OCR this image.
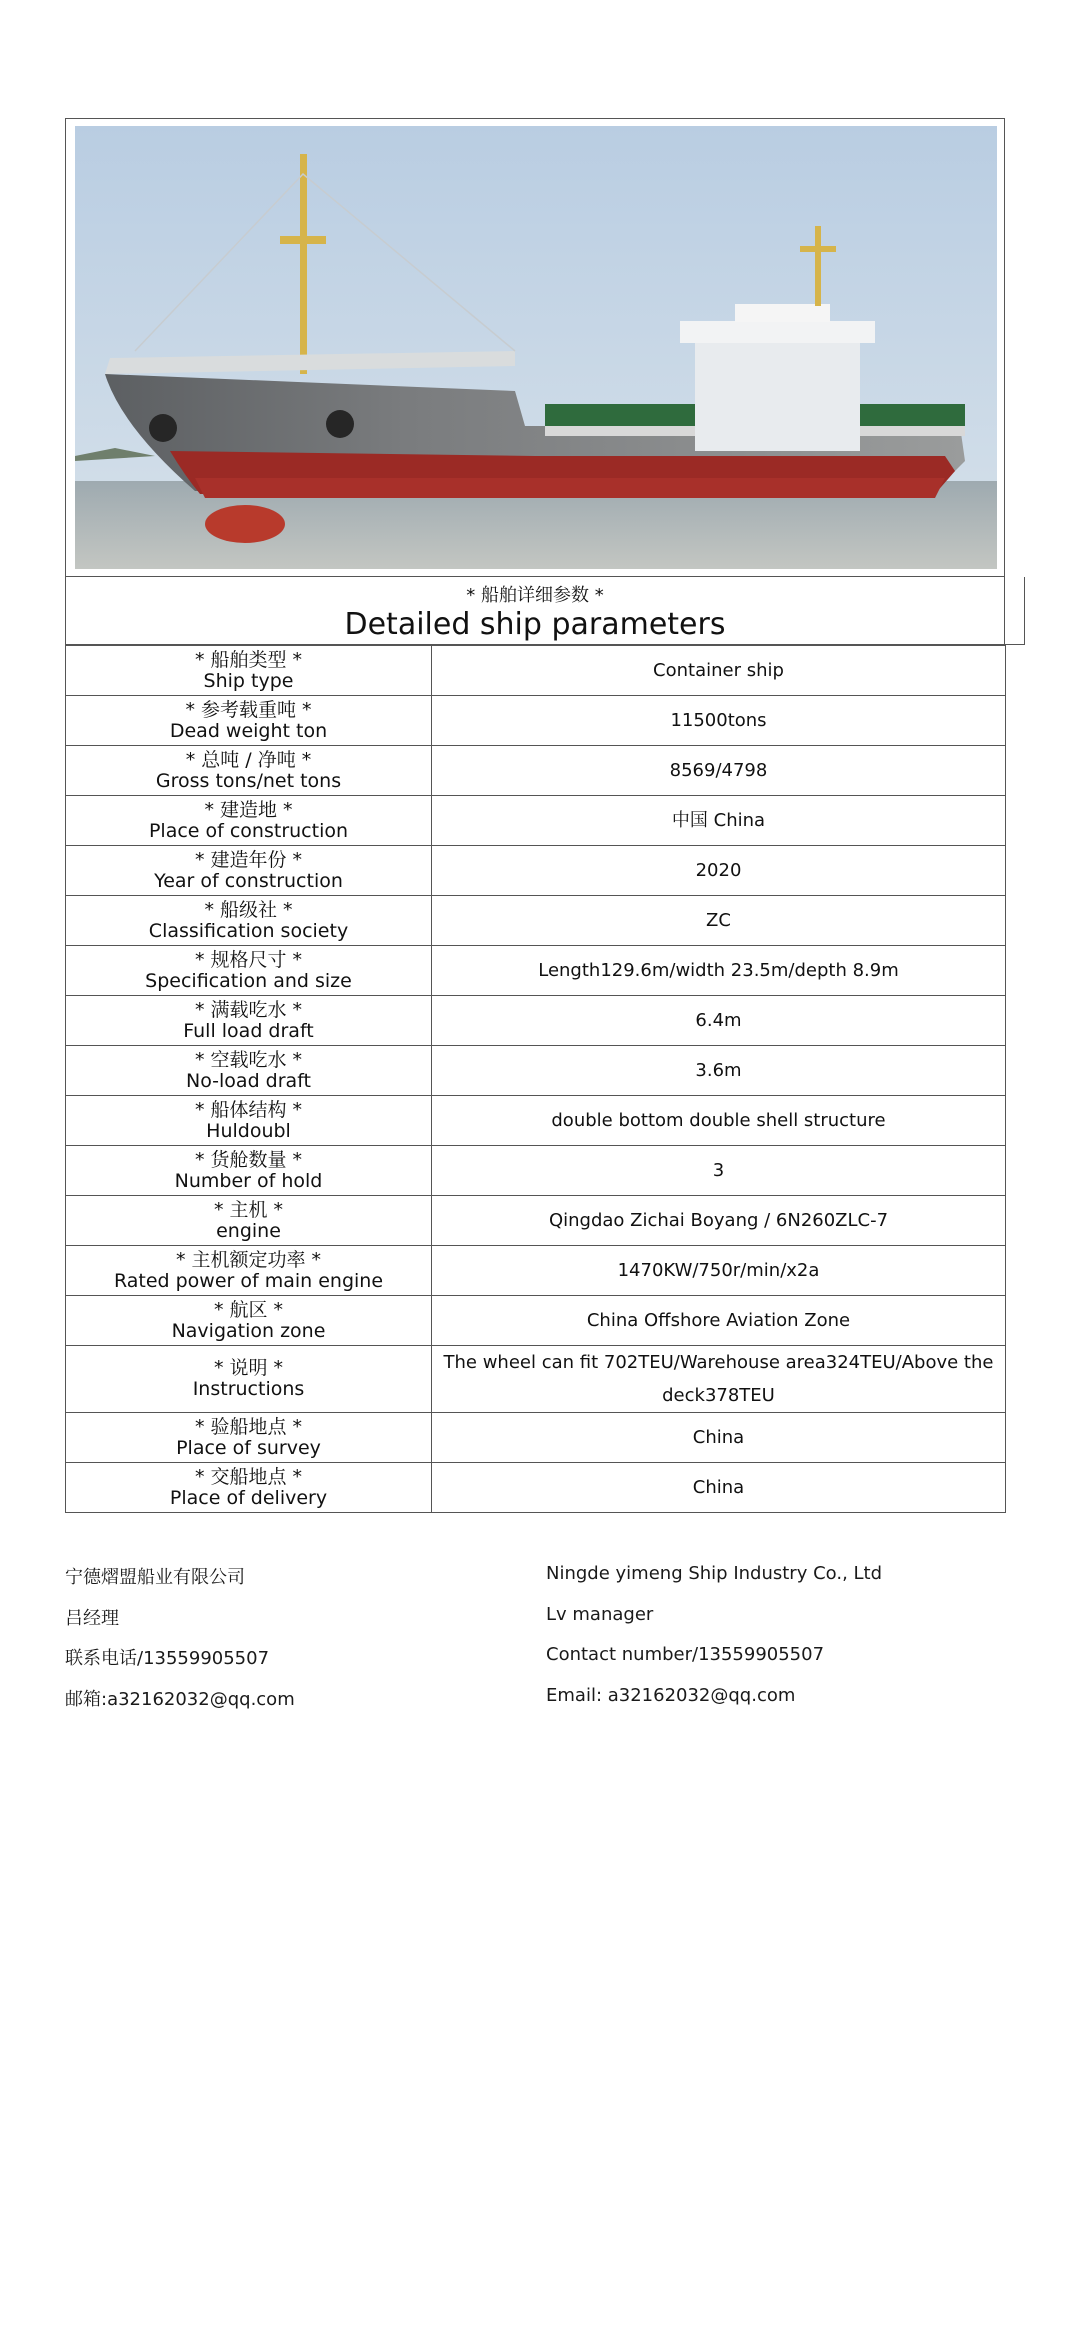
* 船舶详细参数 *
Detailed ship parameters
* 船舶类型 *
Ship type	Container ship
* 参考载重吨 *
Dead weight ton	11500tons
* 总吨 / 净吨 *
Gross tons/net tons	8569/4798
* 建造地 *
Place of construction	中国 China
* 建造年份 *
Year of construction	2020
* 船级社 *
Classification society	ZC
* 规格尺寸 *
Specification and size	Length129.6m/width 23.5m/depth 8.9m
* 满载吃水 *
Full load draft	6.4m
* 空载吃水 *
No-load draft	3.6m
* 船体结构 *
Huldoubl	double bottom double shell structure
* 货舱数量 *
Number of hold	3
* 主机 *
engine	Qingdao Zichai Boyang / 6N260ZLC-7
* 主机额定功率 *
Rated power of main engine	1470KW/750r/min/x2a
* 航区 *
Navigation zone	China Offshore Aviation Zone
* 说明 *
Instructions	The wheel can fit 702TEU/Warehouse area324TEU/Above the deck378TEU
* 验船地点 *
Place of survey	China
* 交船地点 *
Place of delivery	China
宁德熠盟船业有限公司	Ningde yimeng Ship Industry Co., Ltd
吕经理	Lv manager
联系电话/13559905507	Contact number/13559905507
邮箱:a32162032@qq.com	Email: a32162032@qq.com
